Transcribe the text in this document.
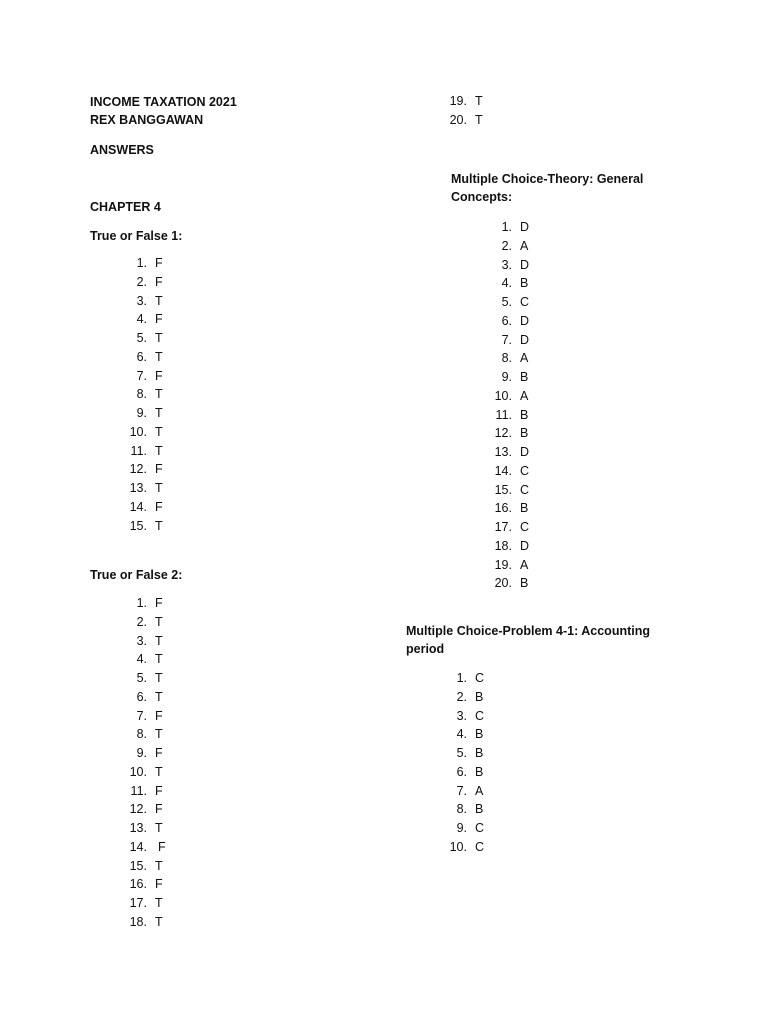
INCOME TAXATION 2021
REX BANGGAWAN
ANSWERS
CHAPTER 4
True or False 1:
1. F
2. F
3. T
4. F
5. T
6. T
7. F
8. T
9. T
10. T
11. T
12. F
13. T
14. F
15. T
True or False 2:
1. F
2. T
3. T
4. T
5. T
6. T
7. F
8. T
9. F
10. T
11. F
12. F
13. T
14. F
15. T
16. F
17. T
18. T
19. T
20. T
Multiple Choice-Theory: General
Concepts:
1. D
2. A
3. D
4. B
5. C
6. D
7. D
8. A
9. B
10. A
11. B
12. B
13. D
14. C
15. C
16. B
17. C
18. D
19. A
20. B
Multiple Choice-Problem 4-1: Accounting
period
1. C
2. B
3. C
4. B
5. B
6. B
7. A
8. B
9. C
10. C
